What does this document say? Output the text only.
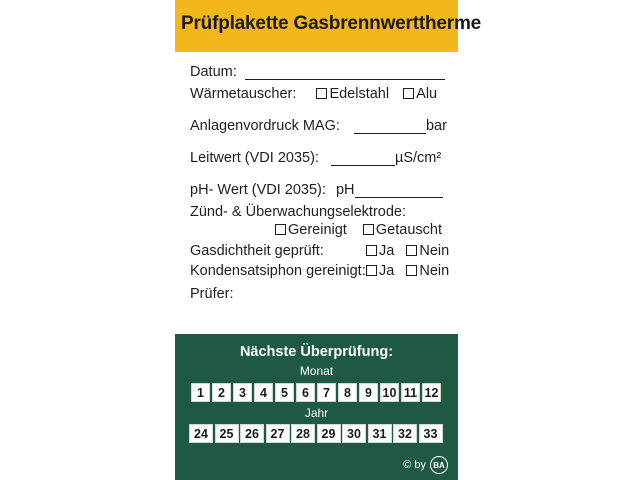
Prüfplakette Gasbrennwerttherme
Datum:
Wärmetauscher: Edelstahl Alu
Anlagenvordruck MAG:	bar
Leitwert (VDI 2035):	µS/cm²
pH- Wert (VDI 2035): pH
Zünd- & Überwachungselektrode:
Gereinigt Getauscht
Gasdichtheit geprüft:	Ja Nein
Kondensatsiphon gereinigt: Ja Nein
Prüfer:
Nächste Überprüfung:
Monat
1	2	3	4	5	6	7	8	9 10 11 12
Jahr
24 25 26 27 28 29 30 31 32 33
© by BA
